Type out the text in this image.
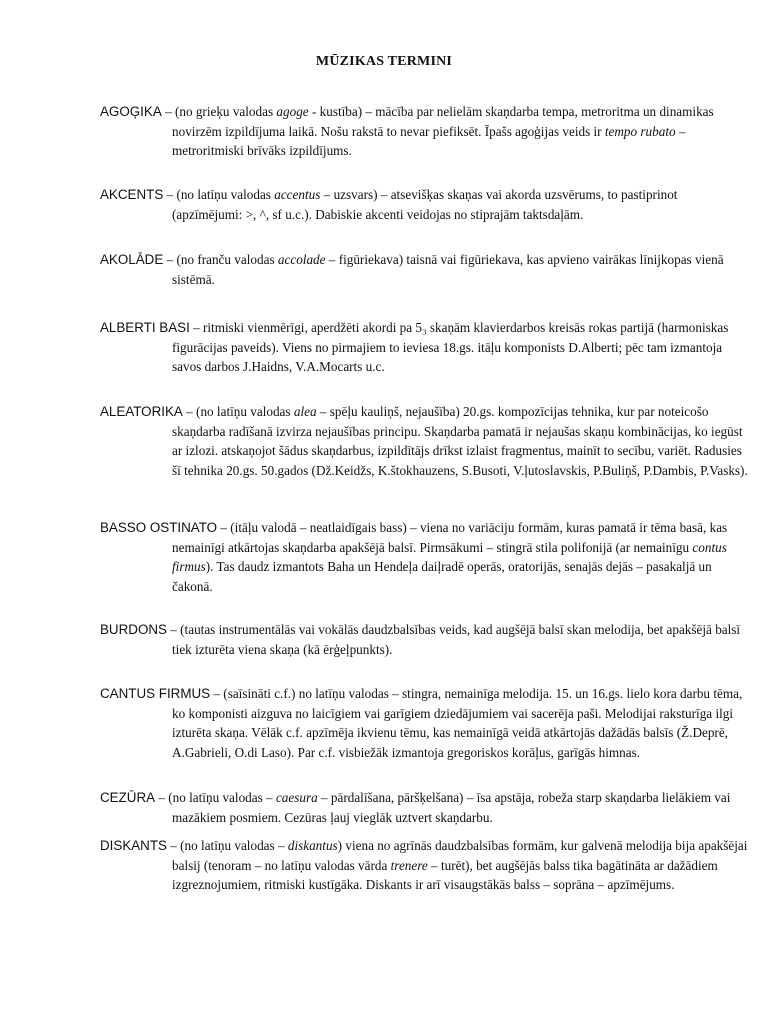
MŪZIKAS TERMINI

AGOĢIKA – (no grieķu valodas agoge - kustība) – mācība par nelielām skaņdarba tempa, metroritma un dinamikas novirzēm izpildījuma laikā. Nošu rakstā to nevar piefiksēt. Īpašs agoģijas veids ir tempo rubato – metroritmiski brīvāks izpildījums.

AKCENTS – (no latīņu valodas accentus – uzsvars) – atsevišķas skaņas vai akorda uzsvērums, to pastiprinot (apzīmējumi: >, ^, sf u.c.). Dabiskie akcenti veidojas no stiprajām taktsdaļām.

AKOLĀDE – (no franču valodas accolade – figūriekava) taisnā vai figūriekava, kas apvieno vairākas līnijkopas vienā sistēmā.

ALBERTI BASI – ritmiski vienmērīgi, aperdžēti akordi pa 5₃ skaņām klavierdarbos kreisās rokas partijā (harmoniskas figurācijas paveids). Viens no pirmajiem to ieviesa 18.gs. itāļu komponists D.Alberti; pēc tam izmantoja savos darbos J.Haidns, V.A.Mocarts u.c.

ALEATORIKA – (no latīņu valodas alea – spēļu kauliņš, nejaušība) 20.gs. kompozīcijas tehnika, kur par noteicošo skaņdarba radīšanā izvirza nejaušības principu. Skaņdarba pamatā ir nejaušas skaņu kombinācijas, ko iegūst ar izlozi. atskaņojot šādus skaņdarbus, izpildītājs drīkst izlaist fragmentus, mainīt to secību, variēt. Radusies šī tehnika 20.gs. 50.gados (Dž.Keidžs, K.štokhauzens, S.Busoti, V.ļutoslavskis, P.Buliņš, P.Dambis, P.Vasks).

BASSO OSTINATO – (itāļu valodā – neatlaidīgais bass) – viena no variāciju formām, kuras pamatā ir tēma basā, kas nemainīgi atkārtojas skaņdarba apakšējā balsī. Pirmsākumi – stingrā stila polifonijā (ar nemainīgu contus firmus). Tas daudz izmantots Baha un Hendeļa daiļradē operās, oratorijās, senajās dejās – pasakaljā un čakonā.

BURDONS – (tautas instrumentālās vai vokālās daudzbalsības veids, kad augšējā balsī skan melodija, bet apakšējā balsī tiek izturēta viena skaņa (kā ērģeļpunkts).

CANTUS FIRMUS – (saīsināti c.f.) no latīņu valodas – stingra, nemainīga melodija. 15. un 16.gs. lielo kora darbu tēma, ko komponisti aizguva no laicīgiem vai garīgiem dziedājumiem vai sacerēja paši. Melodijai raksturīga ilgi izturēta skaņa. Vēlāk c.f. apzīmēja ikvienu tēmu, kas nemainīgā veidā atkārtojās dažādās balsīs (Ž.Deprē, A.Gabrieli, O.di Laso). Par c.f. visbiežāk izmantoja gregoriskos korāļus, garīgās himnas.

CEZŪRA – (no latīņu valodas – caesura – pārdalīšana, pāršķelšana) – īsa apstāja, robeža starp skaņdarba lielākiem vai mazākiem posmiem. Cezūras ļauj vieglāk uztvert skaņdarbu.

DISKANTS – (no latīņu valodas – diskantus) viena no agrīnās daudzbalsības formām, kur galvenā melodija bija apakšējai balsij (tenoram – no latīņu valodas vārda trenere – turēt), bet augšējās balss tika bagātināta ar dažādiem izgreznojumiem, ritmiski kustīgāka. Diskants ir arī visaugstākās balss – soprāna – apzīmējums.
